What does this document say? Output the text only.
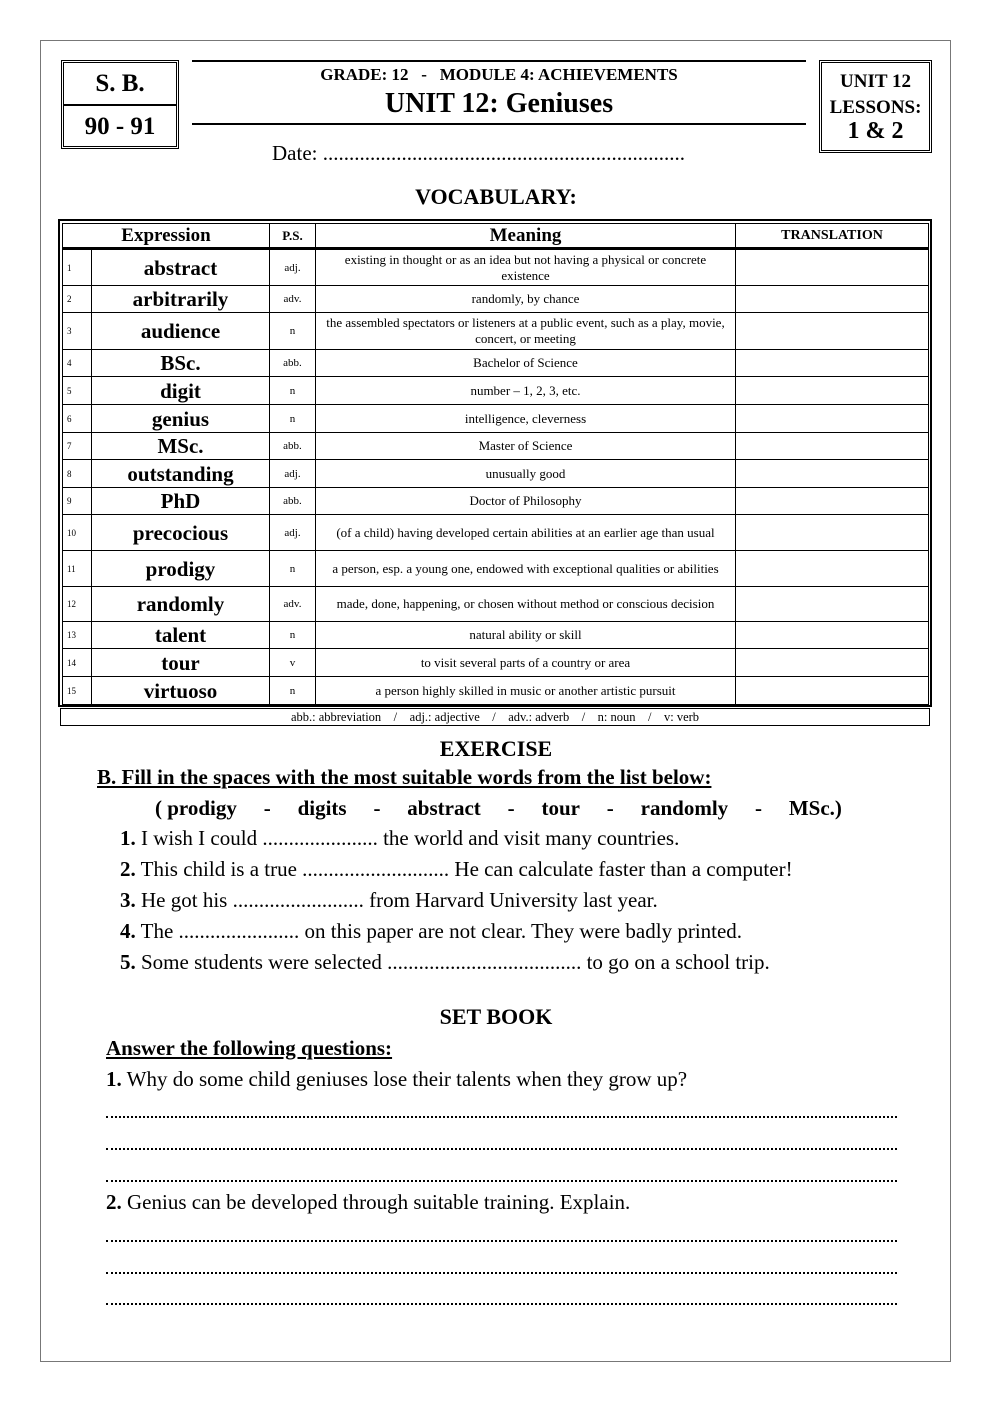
S. B.
90 - 91
GRADE: 12   -   MODULE 4: ACHIEVEMENTS
UNIT 12: Geniuses
Date: .....................................................................
UNIT 12
LESSONS:
1 & 2
VOCABULARY:
Expression		P.S.	Meaning	TRANSLATION
1	abstract	adj.	existing in thought or as an idea but not having a physical or concrete existence	
2	arbitrarily	adv.	randomly, by chance	
3	audience	n	the assembled spectators or listeners at a public event, such as a play, movie, concert, or meeting	
4	BSc.	abb.	Bachelor of Science	
5	digit	n	number – 1, 2, 3, etc.	
6	genius	n	intelligence, cleverness	
7	MSc.	abb.	Master of Science	
8	outstanding	adj.	unusually good	
9	PhD	abb.	Doctor of Philosophy	
10	precocious	adj.	(of a child) having developed certain abilities at an earlier age than usual	
11	prodigy	n	a person, esp. a young one, endowed with exceptional qualities or abilities	
12	randomly	adv.	made, done, happening, or chosen without method or conscious decision	
13	talent	n	natural ability or skill	
14	tour	v	to visit several parts of a country or area	
15	virtuoso	n	a person highly skilled in music or another artistic pursuit	
abb.: abbreviation    /    adj.: adjective    /    adv.: adverb    /    n: noun    /    v: verb
EXERCISE
B. Fill in the spaces with the most suitable words from the list below:
( prodigy - digits - abstract - tour - randomly - MSc.)
1. I wish I could ...................... the world and visit many countries.
2. This child is a true ............................ He can calculate faster than a computer!
3. He got his ......................... from Harvard University last year.
4. The ....................... on this paper are not clear. They were badly printed.
5. Some students were selected ..................................... to go on a school trip.
SET BOOK
Answer the following questions:
1. Why do some child geniuses lose their talents when they grow up?
2. Genius can be developed through suitable training. Explain.
